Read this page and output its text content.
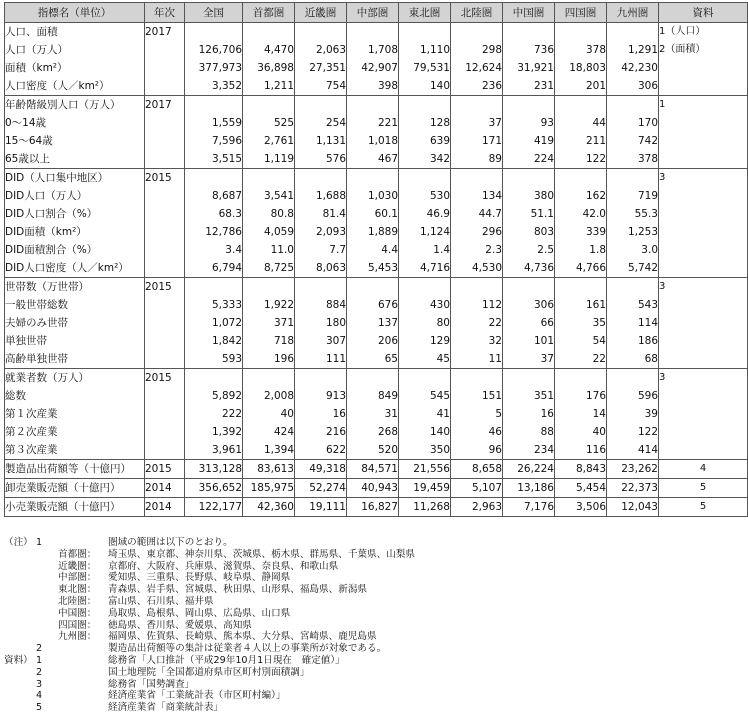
指標名（単位）	年次	全国	首都圏	近畿圏	中部圏	東北圏	北陸圏	中国圏	四国圏	九州圏	資料
人口、面積	2017										1（人口）
人口（万人）		126,706	4,470	2,063	1,708	1,110	298	736	378	1,291	2（面積）
面積（km²）		377,973	36,898	27,351	42,907	79,531	12,624	31,921	18,803	42,230	
人口密度（人／km²）		3,352	1,211	754	398	140	236	231	201	306	
年齢階級別人口（万人）	2017										1
0～14歳		1,559	525	254	221	128	37	93	44	170	
15～64歳		7,596	2,761	1,131	1,018	639	171	419	211	742	
65歳以上		3,515	1,119	576	467	342	89	224	122	378	
DID（人口集中地区）	2015										3
DID人口（万人）		8,687	3,541	1,688	1,030	530	134	380	162	719	
DID人口割合（%）		68.3	80.8	81.4	60.1	46.9	44.7	51.1	42.0	55.3	
DID面積（km²）		12,786	4,059	2,093	1,889	1,124	296	803	339	1,253	
DID面積割合（%）		3.4	11.0	7.7	4.4	1.4	2.3	2.5	1.8	3.0	
DID人口密度（人／km²）		6,794	8,725	8,063	5,453	4,716	4,530	4,736	4,766	5,742	
世帯数（万世帯）	2015										3
一般世帯総数		5,333	1,922	884	676	430	112	306	161	543	
夫婦のみ世帯		1,072	371	180	137	80	22	66	35	114	
単独世帯		1,842	718	307	206	129	32	101	54	186	
高齢単独世帯		593	196	111	65	45	11	37	22	68	
就業者数（万人）	2015										3
総数		5,892	2,008	913	849	545	151	351	176	596	
第１次産業		222	40	16	31	41	5	16	14	39	
第２次産業		1,392	424	216	268	140	46	88	40	122	
第３次産業		3,961	1,394	622	520	350	96	234	116	414	
製造品出荷額等（十億円）	2015	313,128	83,613	49,318	84,571	21,556	8,658	26,224	8,843	23,262	4
卸売業販売額（十億円）	2014	356,652	185,975	52,274	40,943	19,459	5,107	13,186	5,454	22,373	5
小売業販売額（十億円）	2014	122,177	42,360	19,111	16,827	11,268	2,963	7,176	3,506	12,043	5
（注） 1	圏域の範囲は以下のとおり。
首都圏：	埼玉県、東京都、神奈川県、茨城県、栃木県、群馬県、千葉県、山梨県
近畿圏：	京都府、大阪府、兵庫県、滋賀県、奈良県、和歌山県
中部圏：	愛知県、三重県、長野県、岐阜県、静岡県
東北圏：	青森県、岩手県、宮城県、秋田県、山形県、福島県、新潟県
北陸圏：	富山県、石川県、福井県
中国圏：	鳥取県、島根県、岡山県、広島県、山口県
四国圏：	徳島県、香川県、愛媛県、高知県
九州圏：	福岡県、佐賀県、長崎県、熊本県、大分県、宮崎県、鹿児島県
2	製造品出荷額等の集計は従業者４人以上の事業所が対象である。
資料） 1	総務省「人口推計（平成29年10月1日現在　確定値）」
2	国土地理院「全国都道府県市区町村別面積調」
3	総務省「国勢調査」
4	経済産業省「工業統計表（市区町村編）」
5	経済産業省「商業統計表」
